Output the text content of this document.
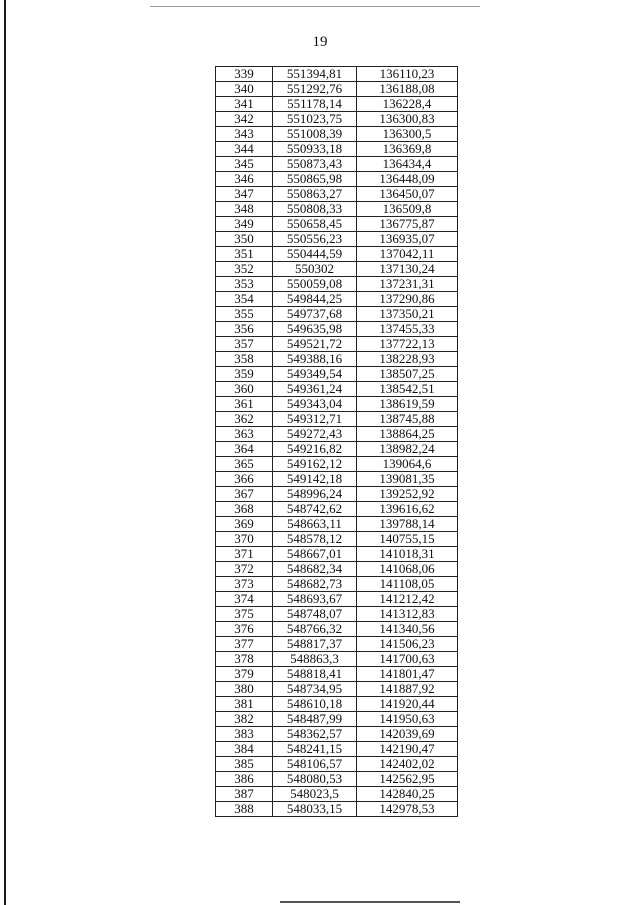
19
339	551394,81	136110,23
340	551292,76	136188,08
341	551178,14	136228,4
342	551023,75	136300,83
343	551008,39	136300,5
344	550933,18	136369,8
345	550873,43	136434,4
346	550865,98	136448,09
347	550863,27	136450,07
348	550808,33	136509,8
349	550658,45	136775,87
350	550556,23	136935,07
351	550444,59	137042,11
352	550302	137130,24
353	550059,08	137231,31
354	549844,25	137290,86
355	549737,68	137350,21
356	549635,98	137455,33
357	549521,72	137722,13
358	549388,16	138228,93
359	549349,54	138507,25
360	549361,24	138542,51
361	549343,04	138619,59
362	549312,71	138745,88
363	549272,43	138864,25
364	549216,82	138982,24
365	549162,12	139064,6
366	549142,18	139081,35
367	548996,24	139252,92
368	548742,62	139616,62
369	548663,11	139788,14
370	548578,12	140755,15
371	548667,01	141018,31
372	548682,34	141068,06
373	548682,73	141108,05
374	548693,67	141212,42
375	548748,07	141312,83
376	548766,32	141340,56
377	548817,37	141506,23
378	548863,3	141700,63
379	548818,41	141801,47
380	548734,95	141887,92
381	548610,18	141920,44
382	548487,99	141950,63
383	548362,57	142039,69
384	548241,15	142190,47
385	548106,57	142402,02
386	548080,53	142562,95
387	548023,5	142840,25
388	548033,15	142978,53
